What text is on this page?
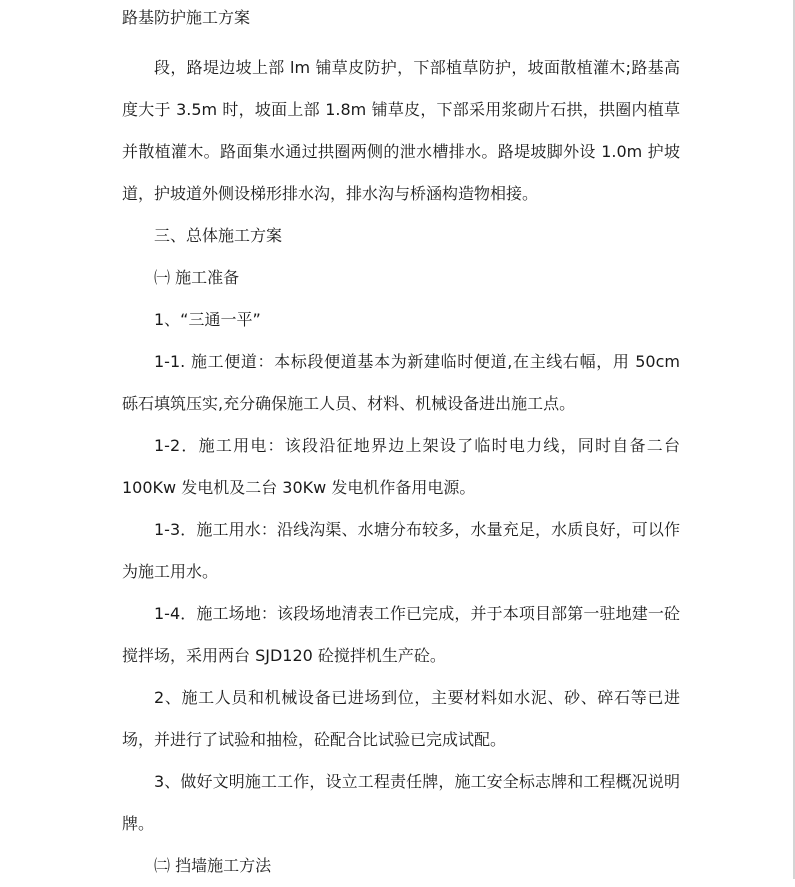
路基防护施工方案

段，路堤边坡上部 lm 铺草皮防护，下部植草防护，坡面散植灌木;路基高度大于 3.5m 时，坡面上部 1.8m 铺草皮，下部采用浆砌片石拱，拱圈内植草并散植灌木。路面集水通过拱圈两侧的泄水槽排水。路堤坡脚外设 1.0m 护坡道，护坡道外侧设梯形排水沟，排水沟与桥涵构造物相接。

三、总体施工方案

㈠ 施工准备

1、“三通一平”

1-1. 施工便道：本标段便道基本为新建临时便道,在主线右幅，用 50cm 砾石填筑压实,充分确保施工人员、材料、机械设备进出施工点。

1-2．施工用电：该段沿征地界边上架设了临时电力线，同时自备二台 100Kw 发电机及二台 30Kw 发电机作备用电源。

1-3．施工用水：沿线沟渠、水塘分布较多，水量充足，水质良好，可以作为施工用水。

1-4．施工场地：该段场地清表工作已完成，并于本项目部第一驻地建一砼搅拌场，采用两台 SJD120 砼搅拌机生产砼。

2、施工人员和机械设备已进场到位，主要材料如水泥、砂、碎石等已进场，并进行了试验和抽检，砼配合比试验已完成试配。

3、做好文明施工工作，设立工程责任牌，施工安全标志牌和工程概况说明牌。

㈡ 挡墙施工方法
